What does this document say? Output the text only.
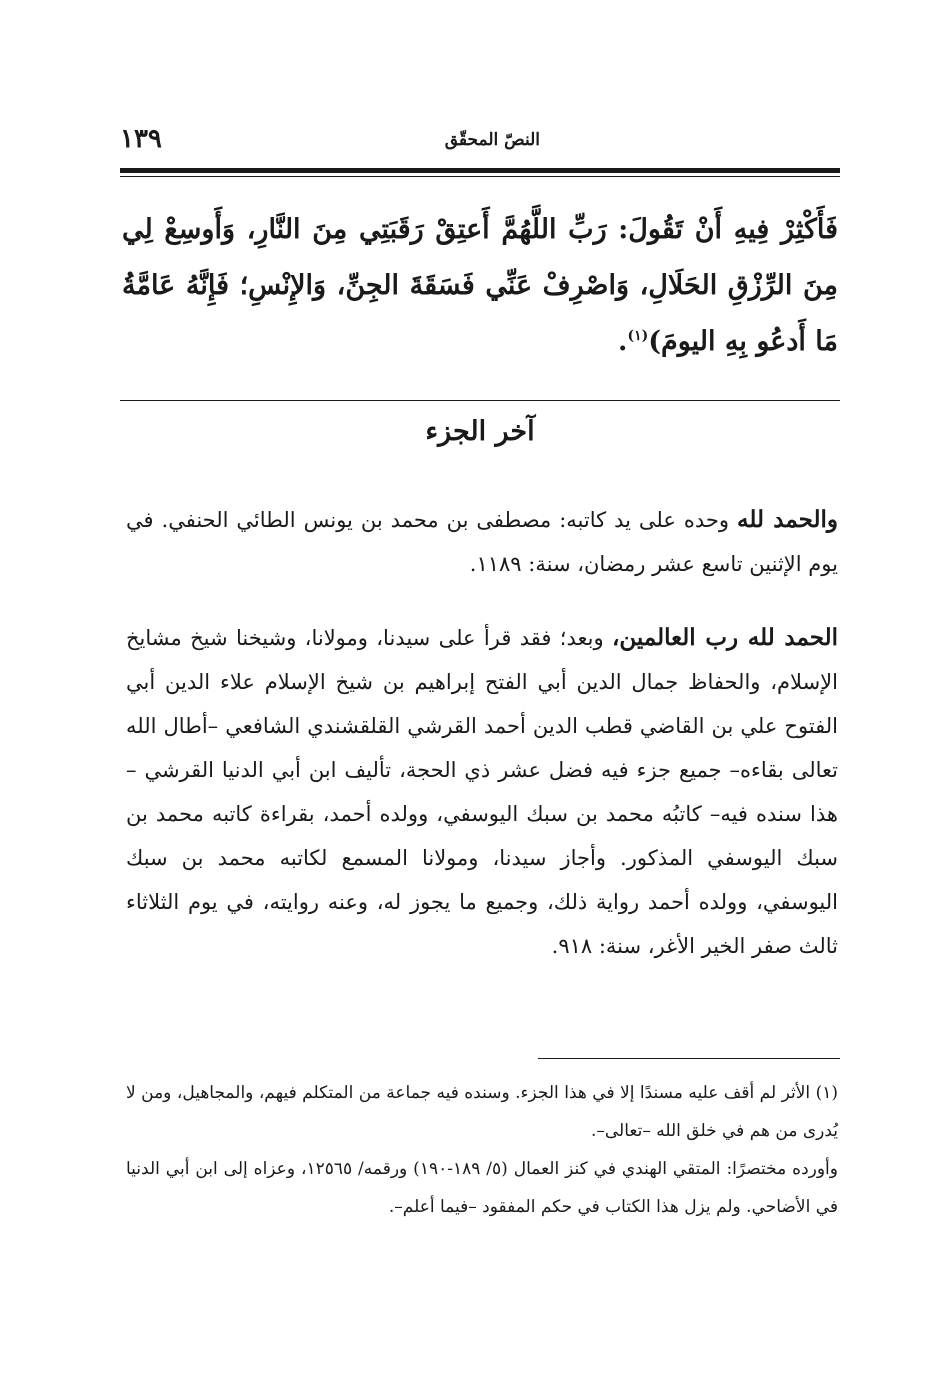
النصّ المحقّق
١٣٩
فَأَكْثِرْ فِيهِ أَنْ تَقُولَ: رَبِّ اللَّهُمَّ أَعتِقْ رَقَبَتِي مِنَ النَّارِ، وَأَوسِعْ لِي مِنَ الرِّزْقِ الحَلَالِ، وَاصْرِفْ عَنِّي فَسَقَةَ الجِنِّ، وَالإِنْسِ؛ فَإِنَّهُ عَامَّةُ مَا أَدعُو بِهِ اليومَ)$^{(١)}$.
آخر الجزء
والحمد لله وحده على يد كاتبه: مصطفى بن محمد بن يونس الطائي الحنفي. في يوم الإثنين تاسع عشر رمضان، سنة: ١١٨٩.
الحمد لله رب العالمين، وبعد؛ فقد قرأ على سيدنا، ومولانا، وشيخنا شيخ مشايخ الإسلام، والحفاظ جمال الدين أبي الفتح إبراهيم بن شيخ الإسلام علاء الدين أبي الفتوح علي بن القاضي قطب الدين أحمد القرشي القلقشندي الشافعي –أطال الله تعالى بقاءه– جميع جزء فيه فضل عشر ذي الحجة، تأليف ابن أبي الدنيا القرشي –هذا سنده فيه– كاتبُه محمد بن سبك اليوسفي، وولده أحمد، بقراءة كاتبه محمد بن سبك اليوسفي المذكور. وأجاز سيدنا، ومولانا المسمع لكاتبه محمد بن سبك اليوسفي، وولده أحمد رواية ذلك، وجميع ما يجوز له، وعنه روايته، في يوم الثلاثاء ثالث صفر الخير الأغر، سنة: ٩١٨.

(١) الأثر لم أقف عليه مسندًا إلا في هذا الجزء. وسنده فيه جماعة من المتكلم فيهم، والمجاهيل، ومن لا يُدرى من هم في خلق الله –تعالى–.

وأورده مختصرًا: المتقي الهندي في كنز العمال (٥/ ١٨٩-١٩٠) ورقمه/ ١٢٥٦٥، وعزاه إلى ابن أبي الدنيا في الأضاحي. ولم يزل هذا الكتاب في حكم المفقود –فيما أعلم–.
